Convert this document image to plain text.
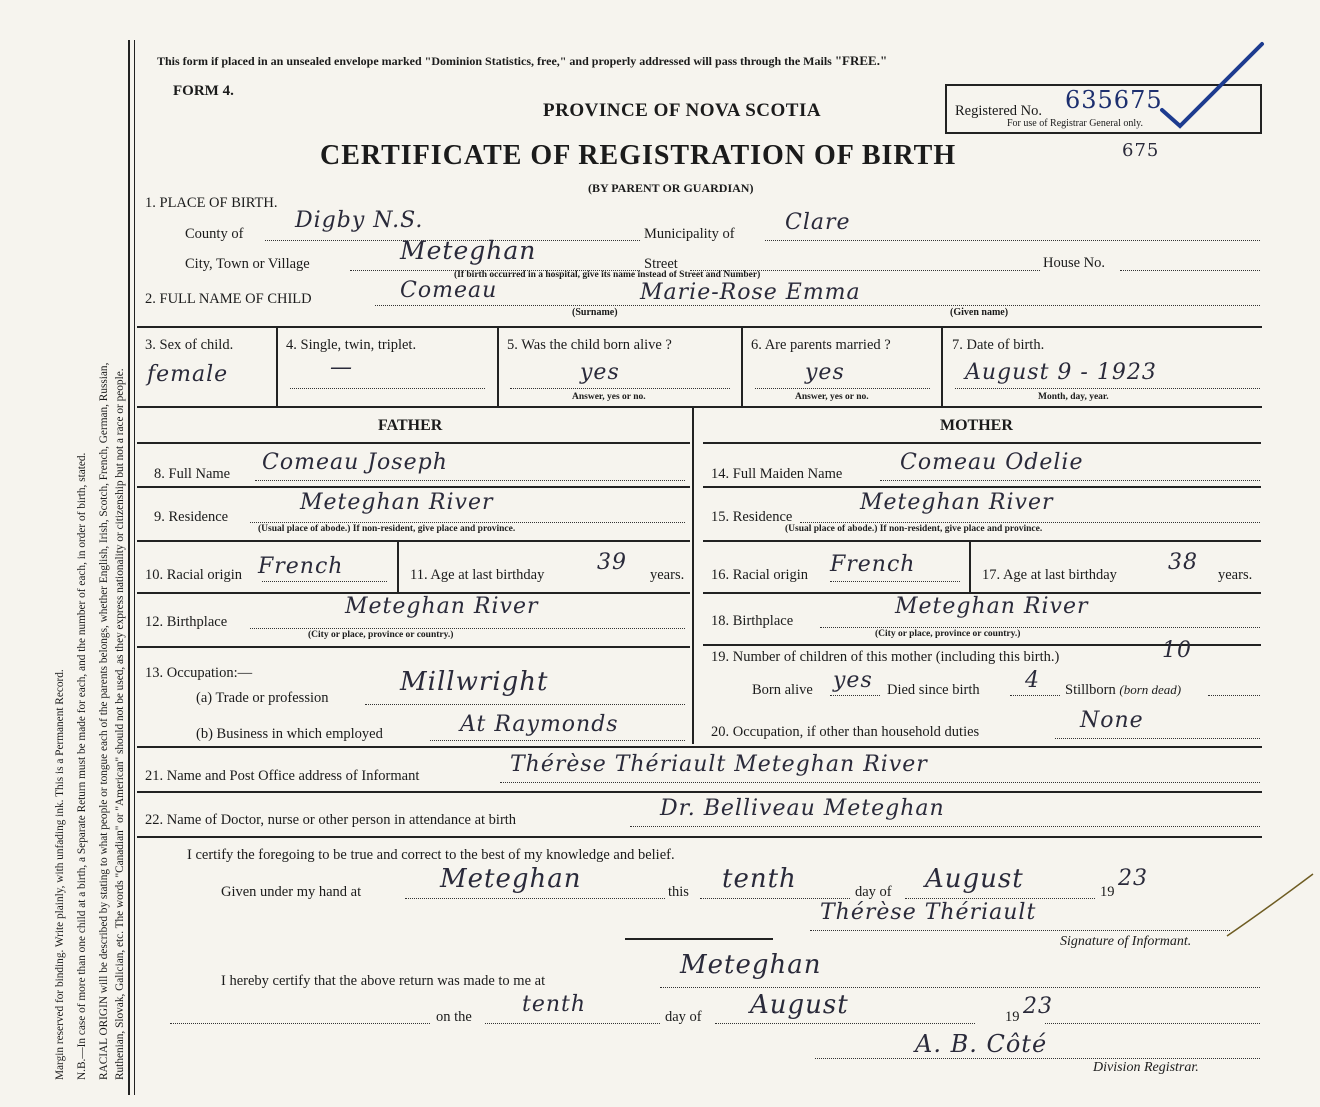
Margin reserved for binding. Write plainly, with unfading ink. This is a Permanent Record. N.B.—In case of more than one child at a birth, a Separate Return must be made for each, and the number of each, in order of birth, stated. RACIAL ORIGIN will be described by stating to what people or tongue each of the parents belongs, whether English, Irish, Scotch, French, German, Russian, Ruthenian, Slovak, Galician, etc. The words "Canadian" or "American" should not be used, as they express nationality or citizenship but not a race or people.
This form if placed in an unsealed envelope marked "Dominion Statistics, free," and properly addressed will pass through the Mails "FREE."
FORM 4.
PROVINCE OF NOVA SCOTIA
CERTIFICATE OF REGISTRATION OF BIRTH
(BY PARENT OR GUARDIAN)
675
Registered No. 635675
For use of Registrar General only.
1. PLACE OF BIRTH.
County of
Digby N.S.
Municipality of Clare
City, Town or Village	Meteghan	Street	House No.
(If birth occurred in a hospital, give its name instead of Street and Number)
2. FULL NAME OF CHILD	Comeau	Marie-Rose Emma
(Surname)	(Given name)
3. Sex of child.
female
4. Single, twin, triplet.
—
5. Was the child born alive ?
yes
Answer, yes or no.
6. Are parents married ?
yes
Answer, yes or no.
7. Date of birth.
August 9 - 1923
Month, day, year.
FATHER	MOTHER
8. Full Name Comeau Joseph
9. Residence
Meteghan River
(Usual place of abode.) If non-resident, give place and province.
10. Racial origin French	11. Age at last birthday 39 years.
12. Birthplace
Meteghan River
(City or place, province or country.)
13. Occupation:—
(a) Trade or profession
Millwright
(b) Business in which employed	At Raymonds
14. Full Maiden Name	Comeau Odelie
15. Residence
Meteghan River
(Usual place of abode.) If non-resident, give place and province.
16. Racial origin French	17. Age at last birthday 38 years.
18. Birthplace
Meteghan River
(City or place, province or country.)
19. Number of children of this mother (including this birth.)	10
Born alive yes Died since birth 4 Stillborn (born dead)
20. Occupation, if other than household duties	None
21. Name and Post Office address of Informant	Thérèse Thériault Meteghan River
22. Name of Doctor, nurse or other person in attendance at birth	Dr. Belliveau Meteghan
I certify the foregoing to be true and correct to the best of my knowledge and belief.
Given under my hand at	Meteghan	this tenth	day of August	19
23
Thérèse Thériault
Signature of Informant.
I hereby certify that the above return was made to me at
Meteghan
on the tenth	day of August	19 23
A. B. Côté
Division Registrar.
